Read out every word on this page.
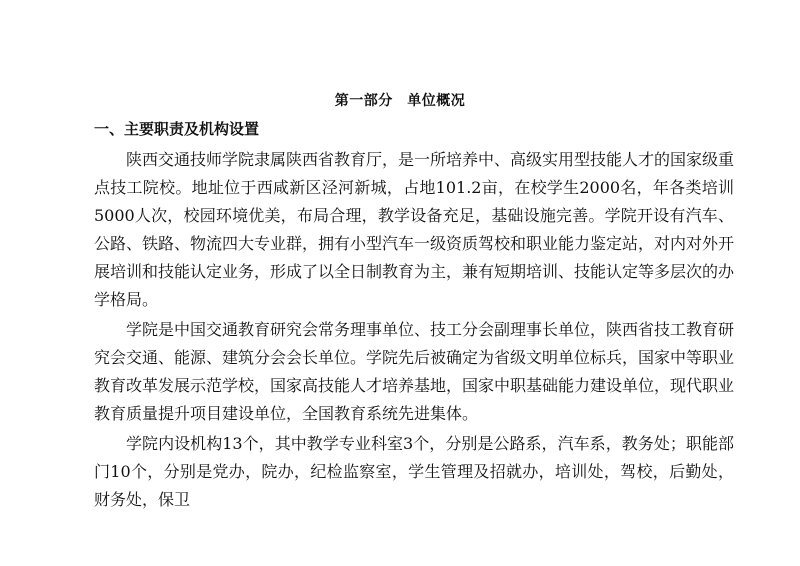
第一部分　单位概况
一、主要职责及机构设置

陕西交通技师学院隶属陕西省教育厅，是一所培养中、高级实用型技能人才的国家级重点技工院校。地址位于西咸新区泾河新城，占地101.2亩，在校学生2000名，年各类培训5000人次，校园环境优美，布局合理，教学设备充足，基础设施完善。学院开设有汽车、公路、铁路、物流四大专业群，拥有小型汽车一级资质驾校和职业能力鉴定站，对内对外开展培训和技能认定业务，形成了以全日制教育为主，兼有短期培训、技能认定等多层次的办学格局。

学院是中国交通教育研究会常务理事单位、技工分会副理事长单位，陕西省技工教育研究会交通、能源、建筑分会会长单位。学院先后被确定为省级文明单位标兵，国家中等职业教育改革发展示范学校，国家高技能人才培养基地，国家中职基础能力建设单位，现代职业教育质量提升项目建设单位，全国教育系统先进集体。

学院内设机构13个，其中教学专业科室3个，分别是公路系，汽车系，教务处；职能部门10个，分别是党办，院办，纪检监察室，学生管理及招就办，培训处，驾校，后勤处，财务处，保卫
